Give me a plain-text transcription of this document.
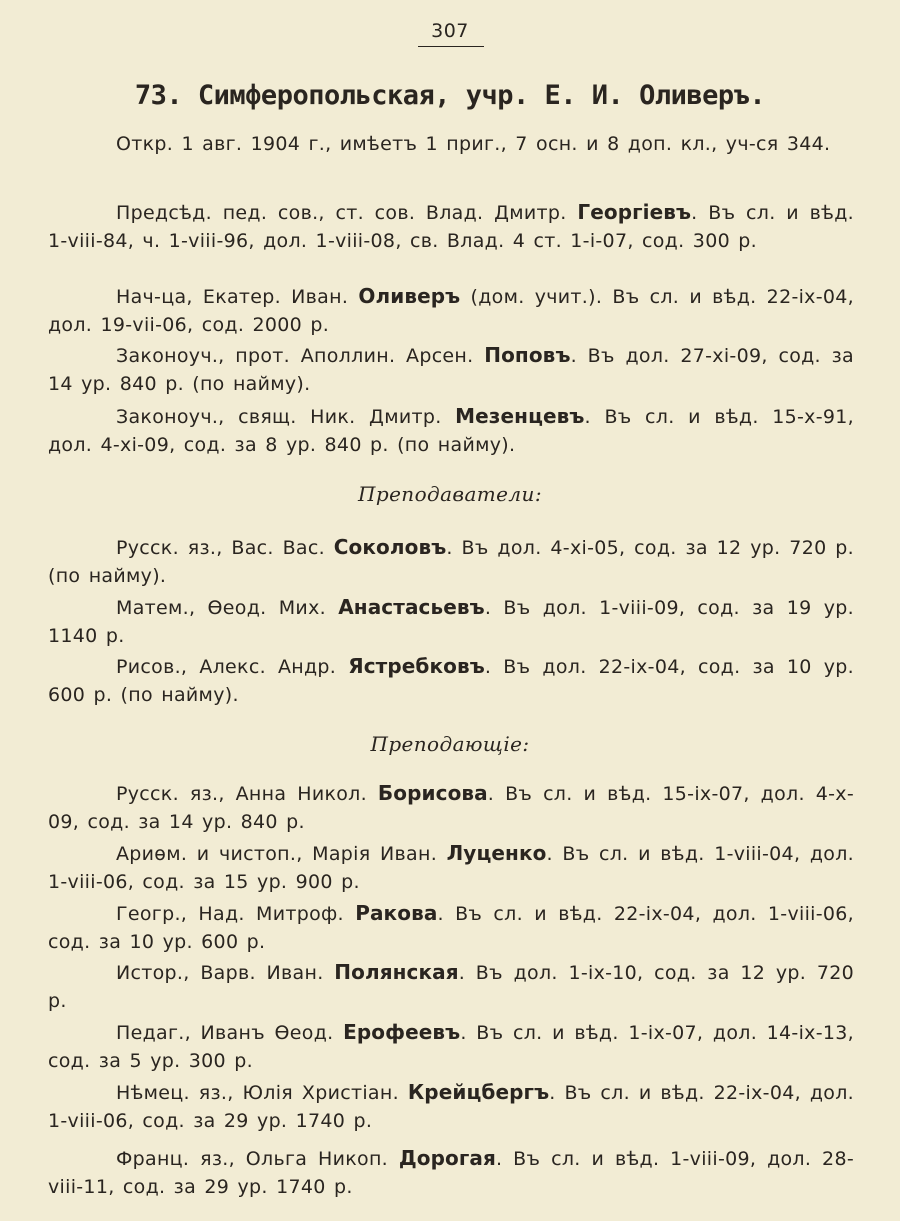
307
73. Симферопольская, учр. Е. И. Оливеръ.
Откр. 1 авг. 1904 г., имѣетъ 1 приг., 7 осн. и 8 доп. кл., уч-ся 344.
Предсѣд. пед. сов., ст. сов. Влад. Дмитр. Георгіевъ. Въ сл. и вѣд. 1-viii-84, ч. 1-viii-96, дол. 1-viii-08, св. Влад. 4 ст. 1-i-07, сод. 300 р.
Нач-ца, Екатер. Иван. Оливеръ (дом. учит.). Въ сл. и вѣд. 22-ix-04, дол. 19-vii-06, сод. 2000 р.
Законоуч., прот. Аполлин. Арсен. Поповъ. Въ дол. 27-xi-09, сод. за 14 ур. 840 р. (по найму).
Законоуч., свящ. Ник. Дмитр. Мезенцевъ. Въ сл. и вѣд. 15-x-91, дол. 4-xi-09, сод. за 8 ур. 840 р. (по найму).
Преподаватели:
Русск. яз., Вас. Вас. Соколовъ. Въ дол. 4-xi-05, сод. за 12 ур. 720 р. (по найму).
Матем., Ѳеод. Мих. Анастасьевъ. Въ дол. 1-viii-09, сод. за 19 ур. 1140 р.
Рисов., Алекс. Андр. Ястребковъ. Въ дол. 22-ix-04, сод. за 10 ур. 600 р. (по найму).
Преподающіе:
Русск. яз., Анна Никол. Борисова. Въ сл. и вѣд. 15-ix-07, дол. 4-x-09, сод. за 14 ур. 840 р.
Ариѳм. и чистоп., Марія Иван. Луценко. Въ сл. и вѣд. 1-viii-04, дол. 1-viii-06, сод. за 15 ур. 900 р.
Геогр., Над. Митроф. Ракова. Въ сл. и вѣд. 22-ix-04, дол. 1-viii-06, сод. за 10 ур. 600 р.
Истор., Варв. Иван. Полянская. Въ дол. 1-ix-10, сод. за 12 ур. 720 р.
Педаг., Иванъ Ѳеод. Ерофеевъ. Въ сл. и вѣд. 1-ix-07, дол. 14-ix-13, сод. за 5 ур. 300 р.
Нѣмец. яз., Юлія Христіан. Крейцбергъ. Въ сл. и вѣд. 22-ix-04, дол. 1-viii-06, сод. за 29 ур. 1740 р.
Франц. яз., Ольга Никоп. Дорогая. Въ сл. и вѣд. 1-viii-09, дол. 28-viii-11, сод. за 29 ур. 1740 р.
